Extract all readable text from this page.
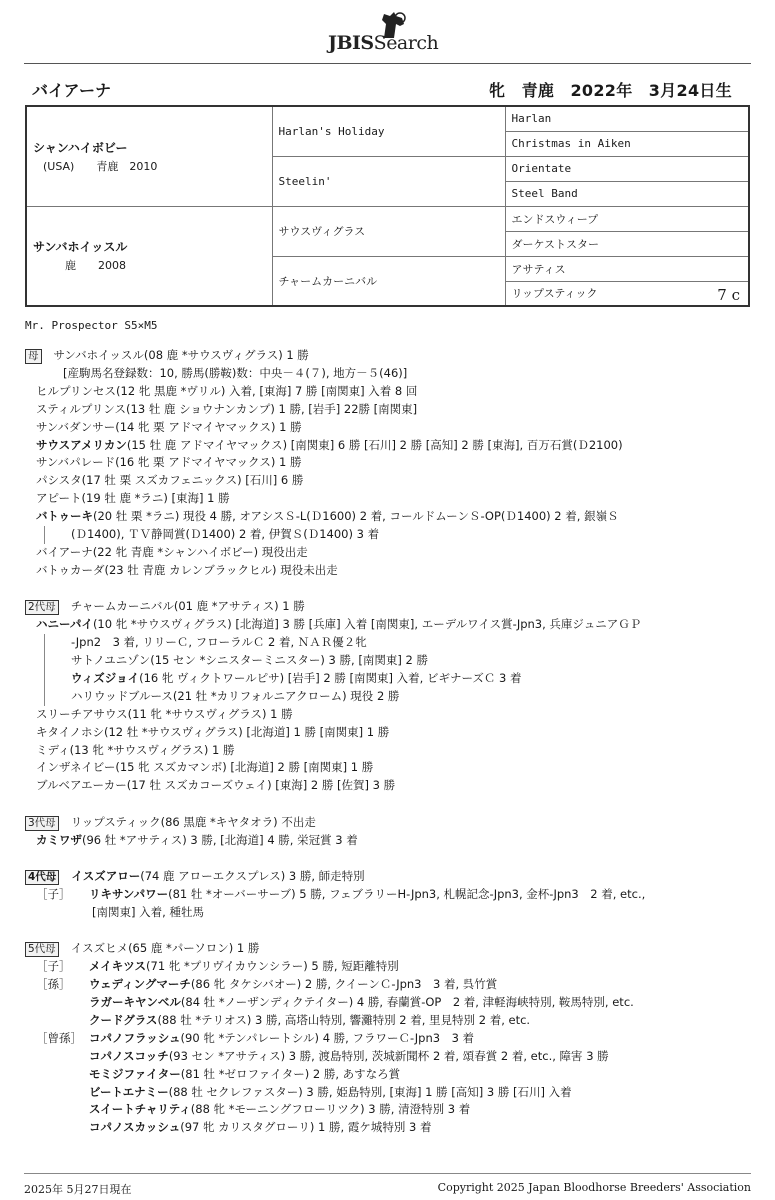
JBISSearch
バイアーナ	牝　青鹿　2022年　3月24日生
シャンハイボビー
(USA)　　青鹿　2010	Harlan's Holiday	Harlan
		Christmas in Aiken
	Steelin'	Orientate
		Steel Band

サンバホイッスル
　　鹿　　2008	サウスヴィグラス	エンドスウィープ
		ダーケストスター
	チャームカーニバル	アサティス
		リップスティック 7 c
Mr. Prospector S5×M5
母 サンバホイッスル(08 鹿 *サウスヴィグラス) 1 勝
[産駒馬名登録数：10, 勝馬(勝鞍)数：中央－４(７), 地方－５(46)]
ヒルプリンセス(12 牝 黒鹿 *ヴリル) 入着, [東海] 7 勝 [南関東] 入着 8 回
スティルプリンス(13 牡 鹿 ショウナンカンプ) 1 勝, [岩手] 22勝 [南関東]
サンバダンサー(14 牝 栗 アドマイヤマックス) 1 勝
サウスアメリカン(15 牡 鹿 アドマイヤマックス) [南関東] 6 勝 [石川] 2 勝 [高知] 2 勝 [東海], 百万石賞(Ｄ2100)
サンバパレード(16 牝 栗 アドマイヤマックス) 1 勝
パシスタ(17 牡 栗 スズカフェニックス) [石川] 6 勝
アピート(19 牡 鹿 *ラニ) [東海] 1 勝
バトゥーキ(20 牡 栗 *ラニ) 現役 4 勝, オアシスＳ-L(Ｄ1600) 2 着, コールドムーンＳ-OP(Ｄ1400) 2 着, 銀嶺Ｓ
(Ｄ1400), ＴＶ静岡賞(Ｄ1400) 2 着, 伊賀Ｓ(Ｄ1400) 3 着
バイアーナ(22 牝 青鹿 *シャンハイボビー) 現役出走
バトゥカーダ(23 牡 青鹿 カレンブラックヒル) 現役未出走
2代母 チャームカーニバル(01 鹿 *アサティス) 1 勝
ハニーパイ(10 牝 *サウスヴィグラス) [北海道] 3 勝 [兵庫] 入着 [南関東], エーデルワイス賞-Jpn3, 兵庫ジュニアＧＰ
-Jpn2　3 着, リリーＣ, フローラルＣ 2 着, ＮＡＲ優２牝
サトノユニゾン(15 セン *シニスターミニスター) 3 勝, [南関東] 2 勝
ウィズジョイ(16 牝 ヴィクトワールピサ) [岩手] 2 勝 [南関東] 入着, ビギナーズＣ 3 着
ハリウッドブルース(21 牡 *カリフォルニアクローム) 現役 2 勝
スリーチアサウス(11 牝 *サウスヴィグラス) 1 勝
キタイノホシ(12 牡 *サウスヴィグラス) [北海道] 1 勝 [南関東] 1 勝
ミディ(13 牝 *サウスヴィグラス) 1 勝
インザネイビー(15 牝 スズカマンボ) [北海道] 2 勝 [南関東] 1 勝
ブルベアエーカー(17 牡 スズカコーズウェイ) [東海] 2 勝 [佐賀] 3 勝
3代母 リップスティック(86 黒鹿 *キヤタオラ) 不出走
カミワザ(96 牡 *アサティス) 3 勝, [北海道] 4 勝, 栄冠賞 3 着
4代母 イスズアロー(74 鹿 アローエクスプレス) 3 勝, 師走特別
［子］ リキサンパワー(81 牡 *オーバーサーブ) 5 勝, フェブラリーH-Jpn3, 札幌記念-Jpn3, 金杯-Jpn3　2 着, etc.,
[南関東] 入着, 種牡馬
5代母 イスズヒメ(65 鹿 *パーソロン) 1 勝
［子］ メイキツス(71 牝 *プリヴイカウンシラー) 5 勝, 短距離特別
［孫］ ウェディングマーチ(86 牝 タケシバオー) 2 勝, クイーンＣ-Jpn3　3 着, 呉竹賞
ラガーキヤンベル(84 牡 *ノーザンディクテイター) 4 勝, 春蘭賞-OP　2 着, 津軽海峡特別, 鞍馬特別, etc.
クードグラス(88 牡 *テリオス) 3 勝, 高塔山特別, 響灘特別 2 着, 里見特別 2 着, etc.
［曾孫］ コパノフラッシュ(90 牝 *テンパレートシル) 4 勝, フラワーＣ-Jpn3　3 着
コパノスコッチ(93 セン *アサティス) 3 勝, 渡島特別, 茨城新聞杯 2 着, 頌春賞 2 着, etc., 障害 3 勝
モミジファイター(81 牡 *ゼロファイター) 2 勝, あすなろ賞
ビートエナミー(88 牡 セクレファスター) 3 勝, 姫島特別, [東海] 1 勝 [高知] 3 勝 [石川] 入着
スイートチャリティ(88 牝 *モーニングフローリツク) 3 勝, 清澄特別 3 着
コパノスカッシュ(97 牝 カリスタグローリ) 1 勝, 霞ケ城特別 3 着
2025年 5月27日現在	Copyright 2025 Japan Bloodhorse Breeders' Association
